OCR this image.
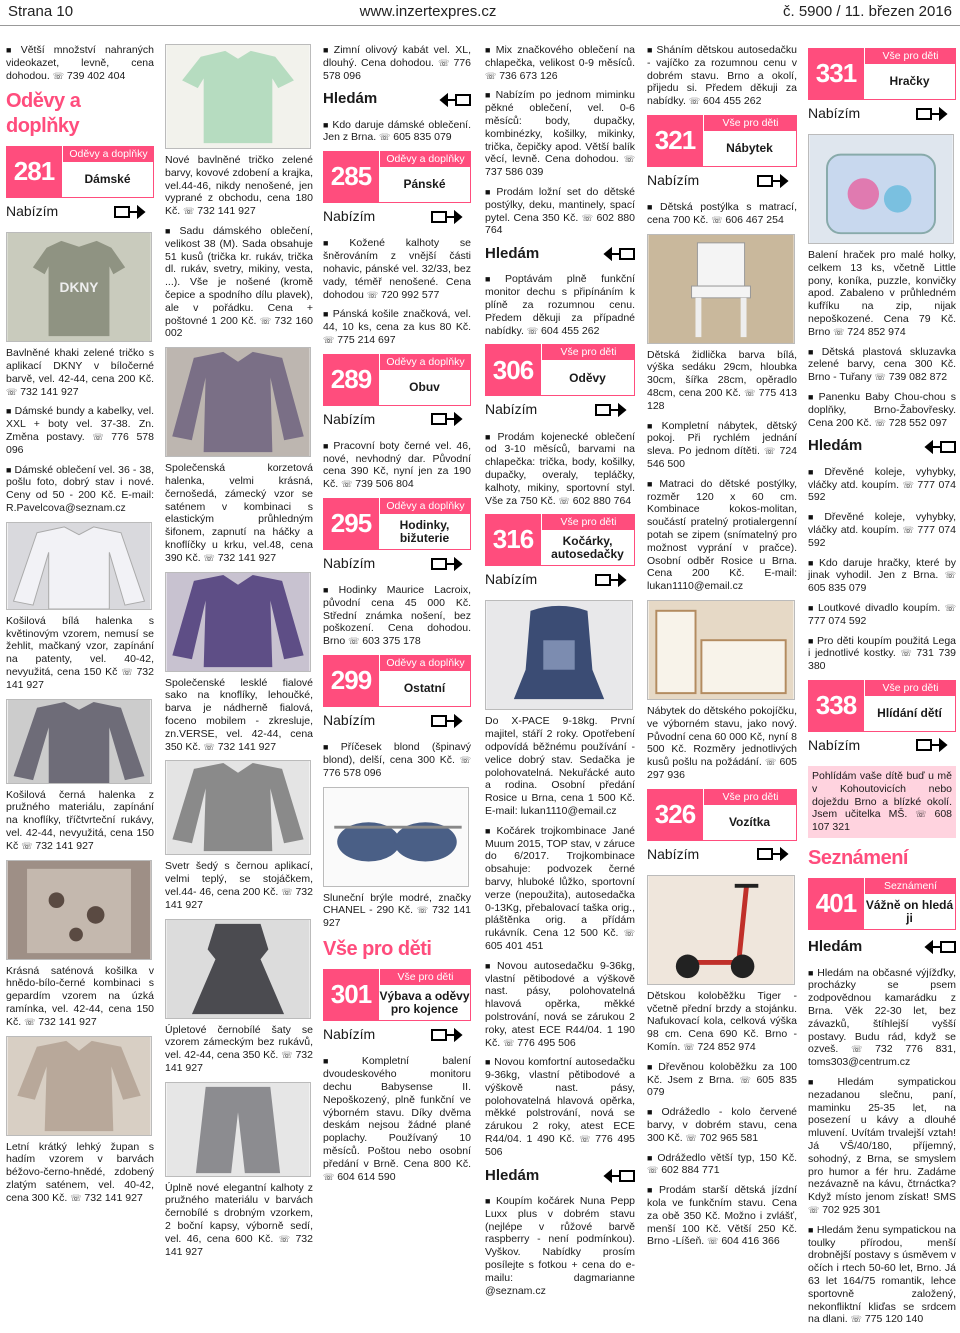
Strana 10	www.inzertexpres.cz	č. 5900 / 11. březen 2016
■ Větší množství nahraných videokazet, levně, cena dohodou. ☏ 739 402 404
Oděvy a doplňky
281
Oděvy a doplňky
Dámské
Nabízím
DKNY
Bavlněné khaki zelené tričko s aplikací DKNY v bíločerné barvě, vel. 42-44, cena 200 Kč. ☏ 732 141 927
■ Dámské bundy a kabelky, vel. XXL + boty vel. 37-38. Zn. Změna postavy. ☏ 776 578 096
■ Dámské oblečení vel. 36 - 38, pošlu foto, dobrý stav i nové. Ceny od 50 - 200 Kč. E-mail: R.Pavelcova@seznam.cz
Košilová bílá halenka s květinovým vzorem, nemusí se žehlit, mačkaný vzor, zapínání na patenty, vel. 40-42, nevyužitá, cena 150 Kč ☏ 732 141 927
Košilová černá halenka z pružného materiálu, zapínání na knoflíky, tříčtvrteční rukávy, vel. 42-44, nevyužitá, cena 150 Kč ☏ 732 141 927
Krásná saténová košilka v hnědo-bílo-černé kombinaci s gepardím vzorem na úzká ramínka, vel. 42-44, cena 150 Kč. ☏ 732 141 927
Letní krátký lehký župan s hadím vzorem v barvách béžovo-černo-hnědé, zdobený zlatým saténem, vel. 40-42, cena 300 Kč. ☏ 732 141 927
Nové bavlněné tričko zelené barvy, kovové zdobení a krajka, vel.44-46, nikdy nenošené, jen vyprané z obchodu, cena 180 Kč. ☏ 732 141 927
■ Sadu dámského oblečení, velikost 38 (M). Sada obsahuje 51 kusů (trička kr. rukáv, trička dl. rukáv, svetry, mikiny, vesta, ...). Vše je nošené (kromě čepice a spodního dílu plavek), ale v pořádku. Cena + poštovné 1 200 Kč. ☏ 732 160 002
Společenská korzetová halenka, velmi krásná, černošedá, zámecký vzor se saténem v kombinaci s elastickým průhledným šifonem, zapnutí na háčky a knoflíčky u krku, vel.48, cena 390 Kč. ☏ 732 141 927
Společenské lesklé fialové sako na knoflíky, lehoučké, barva je nádherně fialová, foceno mobilem - zkresluje, zn.VERSE, vel. 42-44, cena 350 Kč. ☏ 732 141 927
Svetr šedý s černou aplikací, velmi teplý, se stojáčkem, vel.44- 46, cena 200 Kč. ☏ 732 141 927
Úpletové černobílé šaty se vzorem zámeckým bez rukávů, vel. 42-44, cena 350 Kč. ☏ 732 141 927
Úplně nové elegantní kalhoty z pružného materiálu v barvách černobílé s drobným vzorkem, 2 boční kapsy, výborně sedí, vel. 46, cena 600 Kč. ☏ 732 141 927
■ Zimní olivový kabát vel. XL, dlouhý. Cena dohodou. ☏ 776 578 096
Hledám
■ Kdo daruje dámské oblečení. Jen z Brna. ☏ 605 835 079
285
Oděvy a doplňky
Pánské
Nabízím
■ Kožené kalhoty se šněrováním z vnější části nohavic, pánské vel. 32/33, bez vady, téměř nenošené. Cena dohodou ☏ 720 992 577
■ Pánská košile značková, vel. 44, 10 ks, cena za kus 80 Kč. ☏ 775 214 697
289
Oděvy a doplňky
Obuv
Nabízím
■ Pracovní boty černé vel. 46, nové, nevhodný dar. Původní cena 390 Kč, nyní jen za 190 Kč. ☏ 739 506 804
295
Oděvy a doplňky
Hodinky, bižuterie
Nabízím
■ Hodinky Maurice Lacroix, původní cena 45 000 Kč. Střední známka nošení, bez poškození. Cena dohodou. Brno ☏ 603 375 178
299
Oděvy a doplňky
Ostatní
Nabízím
■ Příčesek blond (špinavý blond), delší, cena 300 Kč. ☏ 776 578 096
Sluneční brýle modré, značky CHANEL - 290 Kč. ☏ 732 141 927
Vše pro děti
301
Vše pro děti
Výbava a oděvy pro kojence
Nabízím
■ Kompletní balení dvoudeskového monitoru dechu Babysense II. Nepoškozený, plně funkční ve výborném stavu. Díky dvěma deskám nejsou žádné plané poplachy. Používaný 10 měsíců. Poštou nebo osobní předání v Brně. Cena 800 Kč. ☏ 604 614 590
■ Mix značkového oblečení na chlapečka, velikost 0-9 měsíců. ☏ 736 673 126
■ Nabízím po jednom miminku pěkné oblečení, vel. 0-6 měsíců: body, dupačky, kombinézky, košilky, mikinky, trička, čepičky apod. Větší balík věcí, levně. Cena dohodou. ☏ 737 586 039
■ Prodám ložní set do dětské postýlky, deku, mantinely, spací pytel. Cena 350 Kč. ☏ 602 880 764
Hledám
■ Poptávám plně funkční monitor dechu s připínáním k plíně za rozumnou cenu. Předem děkuji za případné nabídky. ☏ 604 455 262
306
Vše pro děti
Oděvy
Nabízím
■ Prodám kojenecké oblečení od 3-10 měsíců, barvami na chlapečka: trička, body, košilky, dupačky, overaly, tepláčky, kalhoty, mikiny, sportovní styl. Vše za 750 Kč. ☏ 602 880 764
316
Vše pro děti
Kočárky, autosedačky
Nabízím
Do X-PACE 9-18kg. První majitel, stáří 2 roky. Opotřebení odpovídá běžnému používání - velice dobrý stav. Sedačka je polohovatelná. Nekuřácké auto a rodina. Osobní předání Rosice u Brna, cena 1 500 Kč. E-mail: lukan1110@email.cz
■ Kočárek trojkombinace Jané Muum 2015, TOP stav, v záruce do 6/2017. Trojkombinace obsahuje: podvozek černé barvy, hluboké lůžko, sportovní verze (nepoužita), autosedačka 0-13Kg, přebalovací taška orig., pláštěnka orig. a přídám rukávník. Cena 12 500 Kč. ☏ 605 401 451
■ Novou autosedačku 9-36kg, vlastní pětibodové a výškově nast. pásy, polohovatelná hlavová opěrka, měkké polstrování, nová se zárukou 2 roky, atest ECE R44/04. 1 190 Kč. ☏ 776 495 506
■ Novou komfortní autosedačku 9-36kg, vlastní pětibodové a výškově nast. pásy, polohovatelná hlavová opěrka, měkké polstrování, nová se zárukou 2 roky, atest ECE R44/04. 1 490 Kč. ☏ 776 495 506
Hledám
■ Koupím kočárek Nuna Pepp Luxx plus v dobrém stavu (nejlépe v růžové barvě raspberry - není podmínkou). Vyškov. Nabídky prosím posílejte s fotkou + cena do e-mailu: dagmarianne @seznam.cz
■ Sháním dětskou autosedačku - vajíčko za rozumnou cenu v dobrém stavu. Brno a okolí, přijedu si. Předem děkuji za nabídky. ☏ 604 455 262
321
Vše pro děti
Nábytek
Nabízím
■ Dětská postýlka s matrací, cena 700 Kč. ☏ 606 467 254
Dětská židlička barva bílá, výška sedáku 29cm, hloubka 30cm, šířka 28cm, opěradlo 48cm, cena 200 Kč. ☏ 775 413 128
■ Kompletní nábytek, dětský pokoj. Při rychlém jednání sleva. Po jednom dítěti. ☏ 724 546 500
■ Matraci do dětské postýlky, rozměr 120 x 60 cm. Kombinace kokos-molitan, součástí pratelný protialergenní potah se zipem (snímatelný pro možnost vyprání v pračce). Osobní odběr Rosice u Brna. Cena 200 Kč. E-mail: lukan1110@email.cz
Nábytek do dětského pokojíčku, ve výborném stavu, jako nový. Původní cena 60 000 Kč, nyní 8 500 Kč. Rozměry jednotlivých kusů pošlu na požádání. ☏ 605 297 936
326
Vše pro děti
Vozítka
Nabízím
Dětskou koloběžku Tiger - včetně přední brzdy a stojánku. Nafukovací kola, celková výška 98 cm. Cena 690 Kč. Brno - Komín. ☏ 724 852 974
■ Dřevěnou koloběžku za 100 Kč. Jsem z Brna. ☏ 605 835 079
■ Odrážedlo - kolo červené barvy, v dobrém stavu, cena 300 Kč. ☏ 702 965 581
■ Odrážedlo větší typ, 150 Kč. ☏ 602 884 771
■ Prodám starší dětská jízdní kola ve funkčním stavu. Cena za obě 350 Kč. Možno i zvlášť, menší 100 Kč. Větší 250 Kč. Brno -Líšeň. ☏ 604 416 366
331
Vše pro děti
Hračky
Nabízím
Balení hraček pro malé holky, celkem 13 ks, včetně Little pony, koníka, puzzle, konvičky apod. Zabaleno v průhledném kufříku na zip, nijak nepoškozené. Cena 79 Kč. Brno ☏ 724 852 974
■ Dětská plastová skluzavka zelené barvy, cena 300 Kč. Brno - Tuřany ☏ 739 082 872
■ Panenku Baby Chou-chou s doplňky, Brno-Žabovřesky. Cena 200 Kč. ☏ 728 552 097
Hledám
■ Dřevěné koleje, vyhybky, vláčky atd. koupím. ☏ 777 074 592
■ Dřevěné koleje, vyhybky, vláčky atd. koupím. ☏ 777 074 592
■ Kdo daruje hračky, které by jinak vyhodil. Jen z Brna. ☏ 605 835 079
■ Loutkové divadlo koupím. ☏ 777 074 592
■ Pro děti koupím použitá Lega i jednotlivé kostky. ☏ 731 739 380
338
Vše pro děti
Hlídání dětí
Nabízím
Pohlídám vaše dítě buď u mě v Kohoutovicích nebo doježdu Brno a blízké okolí. Jsem učitelka MŠ. ☏ 608 107 321
Seznámení
401
Seznámení
Vážně on hledá ji
Hledám
■ Hledám na občasné výjížďky, procházky se psem zodpovědnou kamarádku z Brna. Věk 22-30 let, bez závazků, štíhlejší vyšší postavy. Budu rád, když se ozveš. ☏ 732 776 831, toms303@centrum.cz
■ Hledám sympatickou nezadanou slečnu, paní, maminku 25-35 let, na posezení u kávy a dlouhé mluvení. Uvítám trvalejší vztah! Já VŠ/40/180, příjemný, sohodný, z Brna, se smyslem pro humor a fér hru. Zadáme nezávazně na kávu, čtrnáctka? Když místo jenom získat! SMS ☏ 702 925 301
■ Hledám ženu sympatickou na toulky přírodou, menší drobnější postavy s úsměvem v očích i rtech 50-60 let, Brno. Já 63 let 164/75 romantik, lehce sportovně založený, nekonfliktní kliďas se srdcem na dlani. ☏ 775 120 140
